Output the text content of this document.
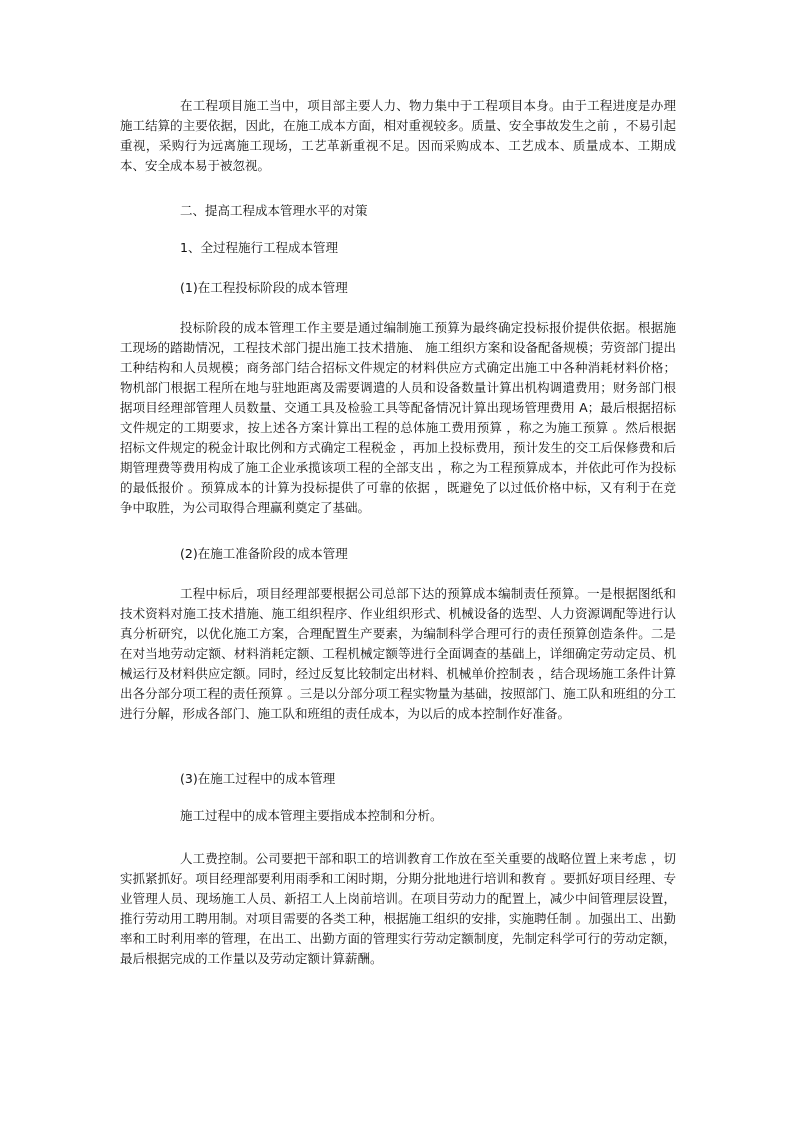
在工程项目施工当中，项目部主要人力、物力集中于工程项目本身。由于工程进度是办理施工结算的主要依据，因此，在施工成本方面，相对重视较多。质量、安全事故发生之前 ，不易引起重视，采购行为远离施工现场，工艺革新重视不足。因而采购成本、工艺成本、质量成本、工期成本、安全成本易于被忽视。

二、提高工程成本管理水平的对策

1、全过程施行工程成本管理

(1)在工程投标阶段的成本管理

投标阶段的成本管理工作主要是通过编制施工预算为最终确定投标报价提供依据。根据施工现场的踏勘情况，工程技术部门提出施工技术措施、 施工组织方案和设备配备规模；劳资部门提出工种结构和人员规模；商务部门结合招标文件规定的材料供应方式确定出施工中各种消耗材料价格；物机部门根据工程所在地与驻地距离及需要调遣的人员和设备数量计算出机构调遣费用；财务部门根据项目经理部管理人员数量、交通工具及检验工具等配备情况计算出现场管理费用 A；最后根据招标文件规定的工期要求，按上述各方案计算出工程的总体施工费用预算 ，称之为施工预算 。然后根据招标文件规定的税金计取比例和方式确定工程税金 ，再加上投标费用，预计发生的交工后保修费和后期管理费等费用构成了施工企业承揽该项工程的全部支出 ，称之为工程预算成本，并依此可作为投标的最低报价 。预算成本的计算为投标提供了可靠的依据 ，既避免了以过低价格中标，又有利于在竞争中取胜，为公司取得合理赢利奠定了基础。

(2)在施工准备阶段的成本管理

工程中标后，项目经理部要根据公司总部下达的预算成本编制责任预算。一是根据图纸和技术资料对施工技术措施、施工组织程序、作业组织形式、机械设备的选型、人力资源调配等进行认真分析研究，以优化施工方案，合理配置生产要素，为编制科学合理可行的责任预算创造条件。二是在对当地劳动定额、材料消耗定额、工程机械定额等进行全面调查的基础上，详细确定劳动定员、机械运行及材料供应定额。同时，经过反复比较制定出材料、机械单价控制表 ，结合现场施工条件计算出各分部分项工程的责任预算 。三是以分部分项工程实物量为基础，按照部门、施工队和班组的分工进行分解，形成各部门、施工队和班组的责任成本，为以后的成本控制作好准备。

(3)在施工过程中的成本管理

施工过程中的成本管理主要指成本控制和分析。

人工费控制。公司要把干部和职工的培训教育工作放在至关重要的战略位置上来考虑 ，切实抓紧抓好。项目经理部要利用雨季和工闲时期，分期分批地进行培训和教育 。要抓好项目经理、专业管理人员、现场施工人员、新招工人上岗前培训。在项目劳动力的配置上，减少中间管理层设置，推行劳动用工聘用制。对项目需要的各类工种，根据施工组织的安排，实施聘任制 。加强出工、出勤率和工时利用率的管理，在出工、出勤方面的管理实行劳动定额制度，先制定科学可行的劳动定额，最后根据完成的工作量以及劳动定额计算薪酬。
